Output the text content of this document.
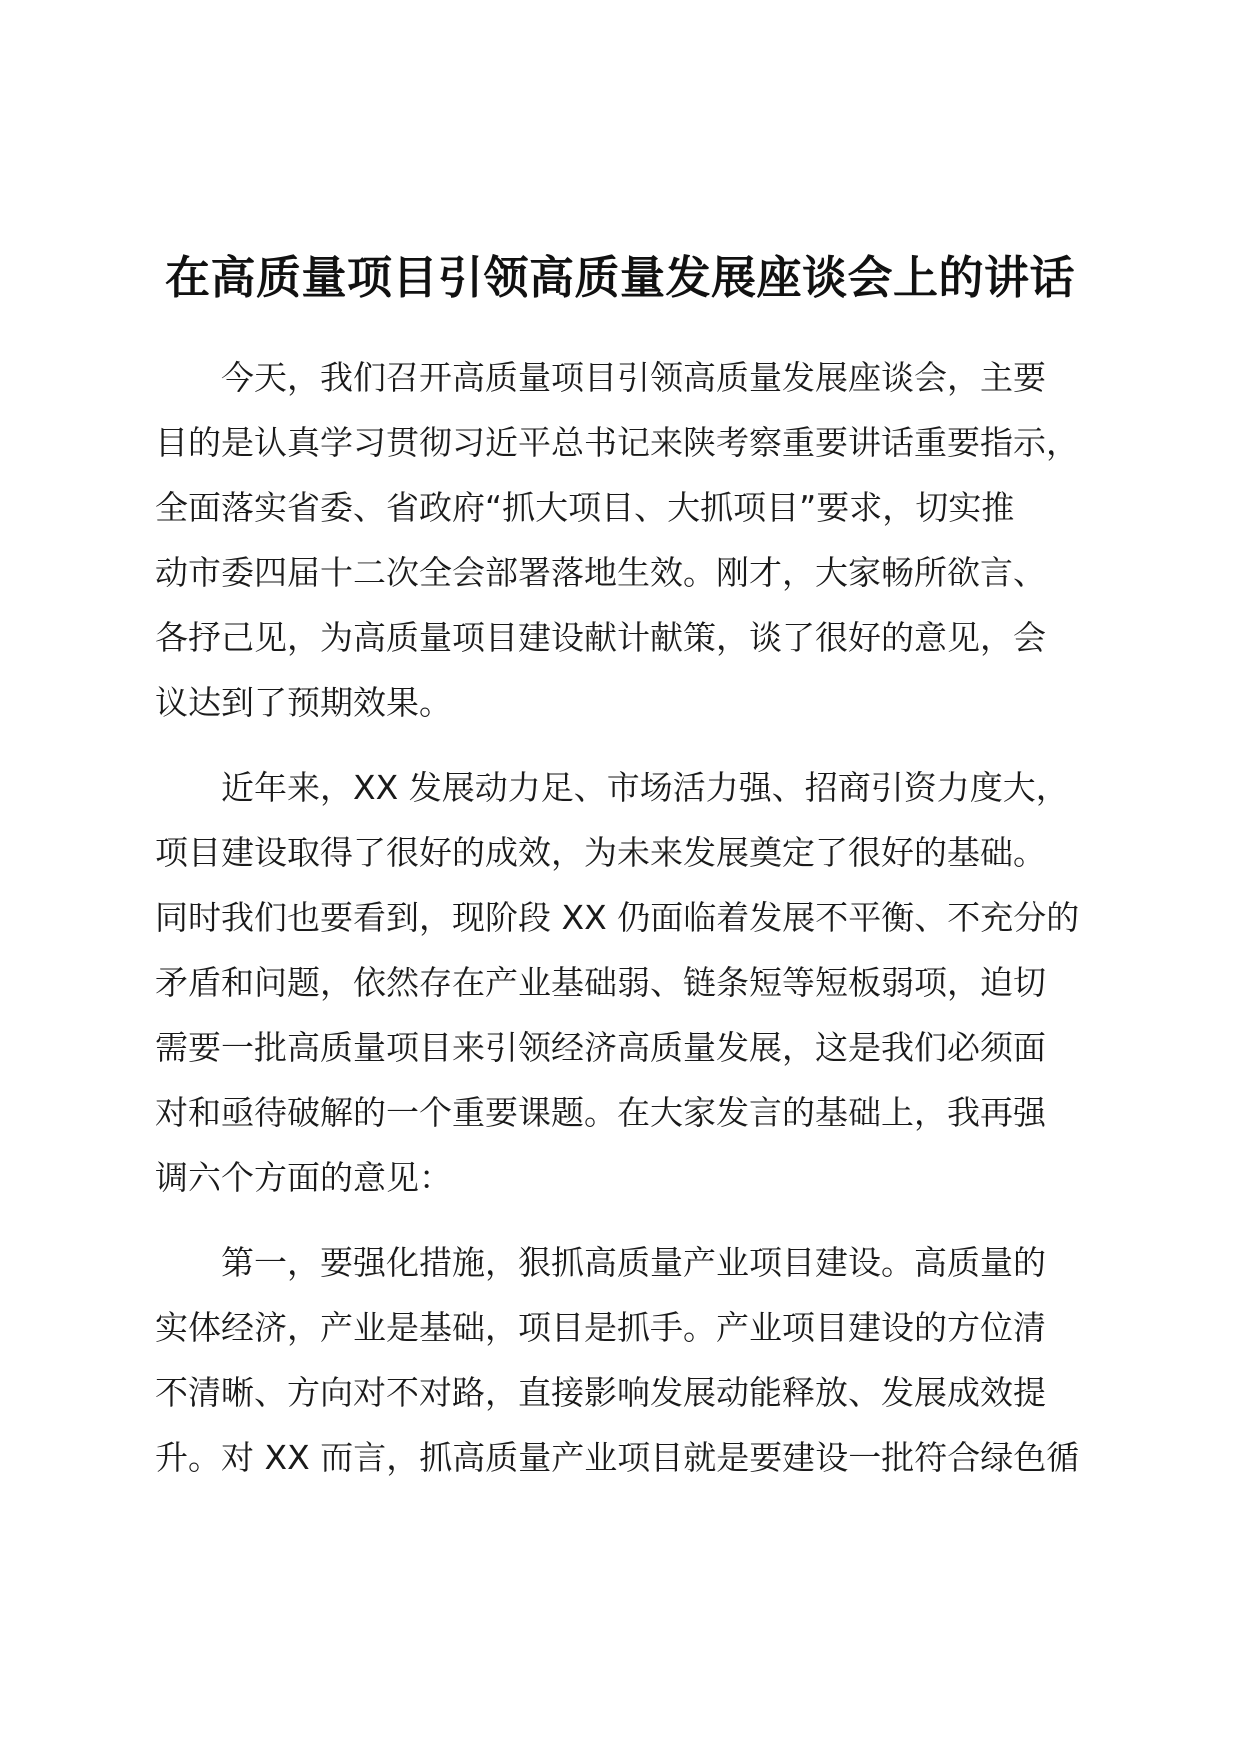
在高质量项目引领高质量发展座谈会上的讲话

今天，我们召开高质量项目引领高质量发展座谈会，主要
目的是认真学习贯彻习近平总书记来陕考察重要讲话重要指示，
全面落实省委、省政府“抓大项目、大抓项目”要求，切实推
动市委四届十二次全会部署落地生效。刚才，大家畅所欲言、
各抒己见，为高质量项目建设献计献策，谈了很好的意见，会
议达到了预期效果。

近年来，XX 发展动力足、市场活力强、招商引资力度大，
项目建设取得了很好的成效，为未来发展奠定了很好的基础。
同时我们也要看到，现阶段 XX 仍面临着发展不平衡、不充分的
矛盾和问题，依然存在产业基础弱、链条短等短板弱项，迫切
需要一批高质量项目来引领经济高质量发展，这是我们必须面
对和亟待破解的一个重要课题。在大家发言的基础上，我再强
调六个方面的意见：

第一，要强化措施，狠抓高质量产业项目建设。高质量的
实体经济，产业是基础，项目是抓手。产业项目建设的方位清
不清晰、方向对不对路，直接影响发展动能释放、发展成效提
升。对 XX 而言，抓高质量产业项目就是要建设一批符合绿色循
